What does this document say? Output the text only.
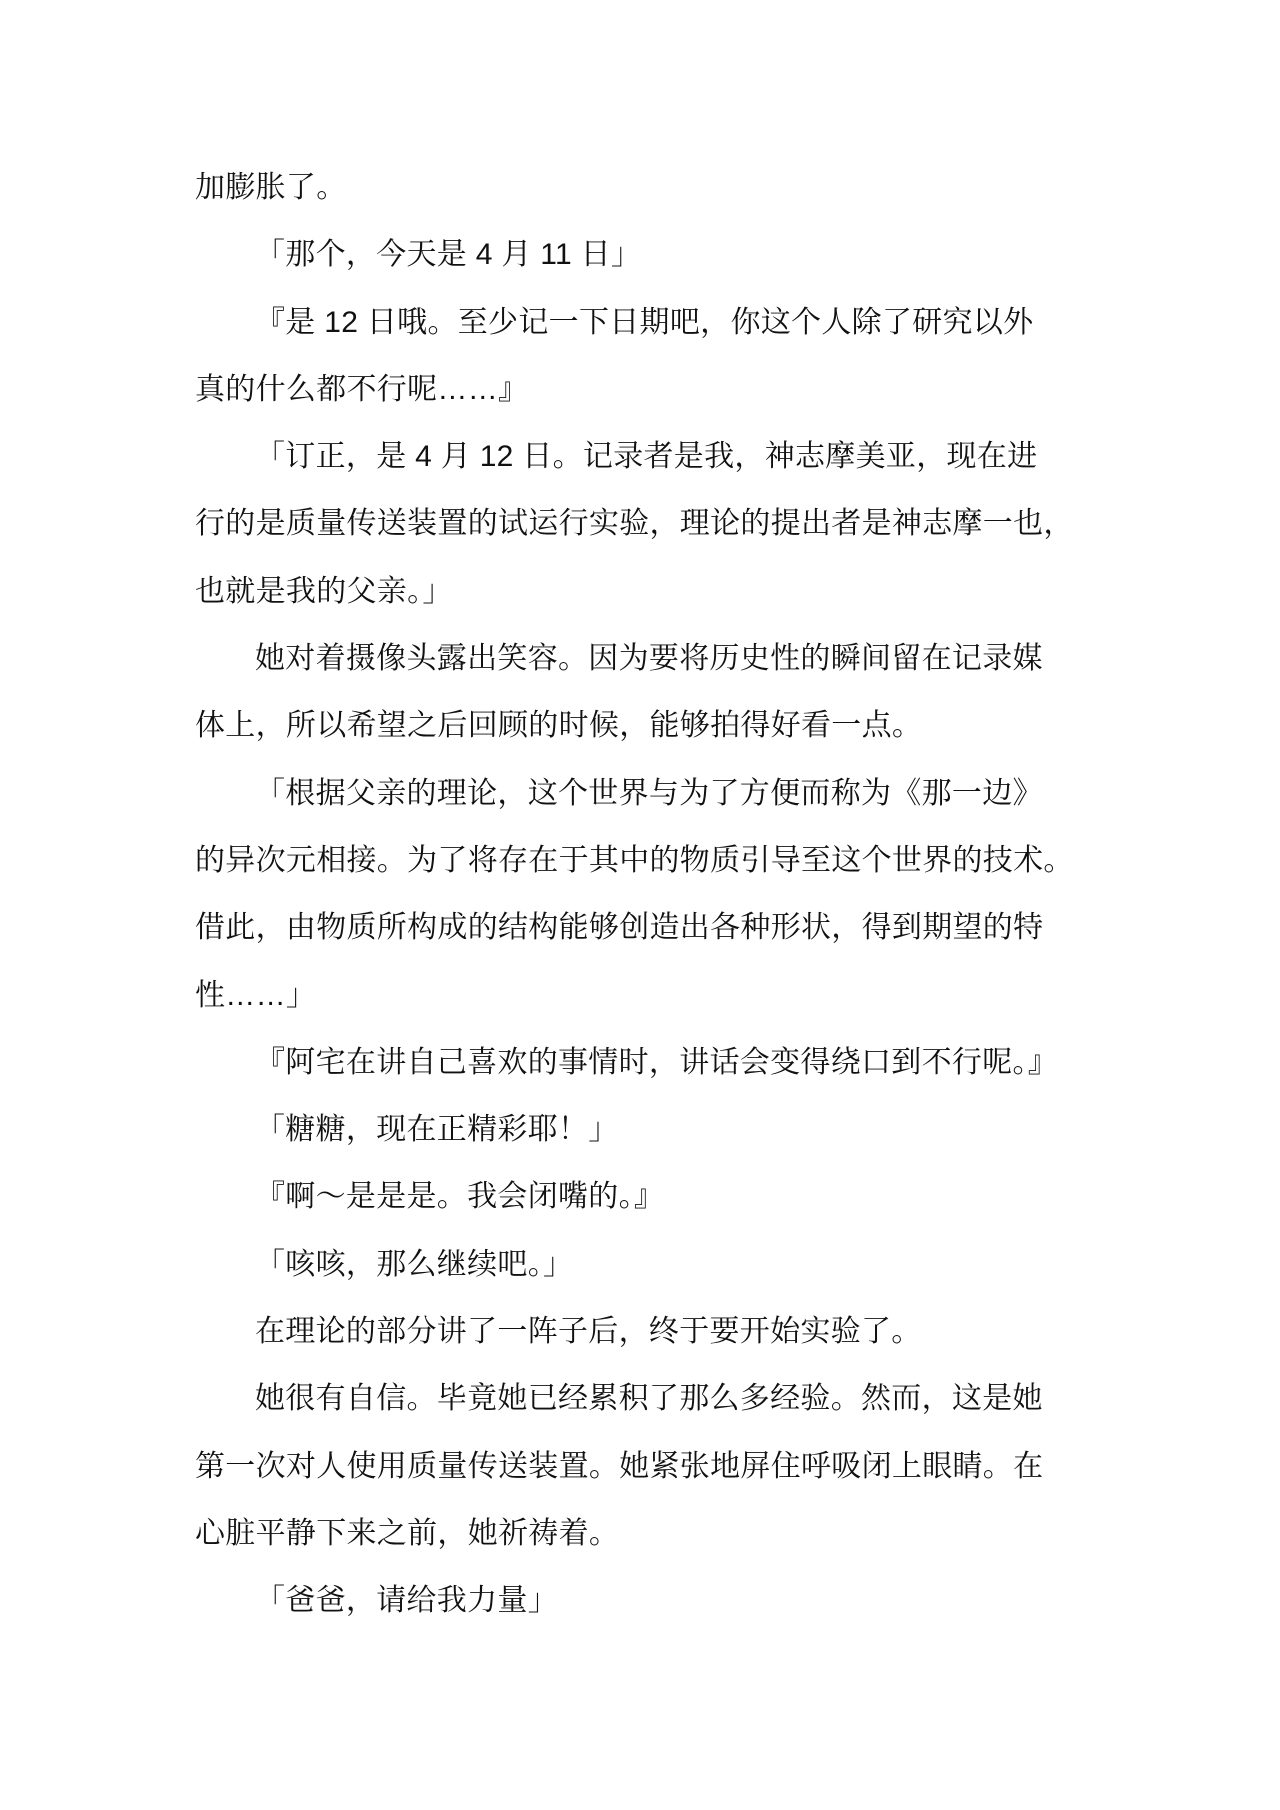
加膨胀了。
「那个，今天是 4 月 11 日」
『是 12 日哦。至少记一下日期吧，你这个人除了研究以外
真的什么都不行呢……』
「订正，是 4 月 12 日。记录者是我，神志摩美亚，现在进
行的是质量传送装置的试运行实验，理论的提出者是神志摩一也，
也就是我的父亲。」
她对着摄像头露出笑容。因为要将历史性的瞬间留在记录媒
体上，所以希望之后回顾的时候，能够拍得好看一点。
「根据父亲的理论，这个世界与为了方便而称为《那一边》
的异次元相接。为了将存在于其中的物质引导至这个世界的技术。
借此，由物质所构成的结构能够创造出各种形状，得到期望的特
性……」
『阿宅在讲自己喜欢的事情时，讲话会变得绕口到不行呢。』
「糖糖，现在正精彩耶！」
『啊～是是是。我会闭嘴的。』
「咳咳，那么继续吧。」
在理论的部分讲了一阵子后，终于要开始实验了。
她很有自信。毕竟她已经累积了那么多经验。然而，这是她
第一次对人使用质量传送装置。她紧张地屏住呼吸闭上眼睛。在
心脏平静下来之前，她祈祷着。
「爸爸，请给我力量」
